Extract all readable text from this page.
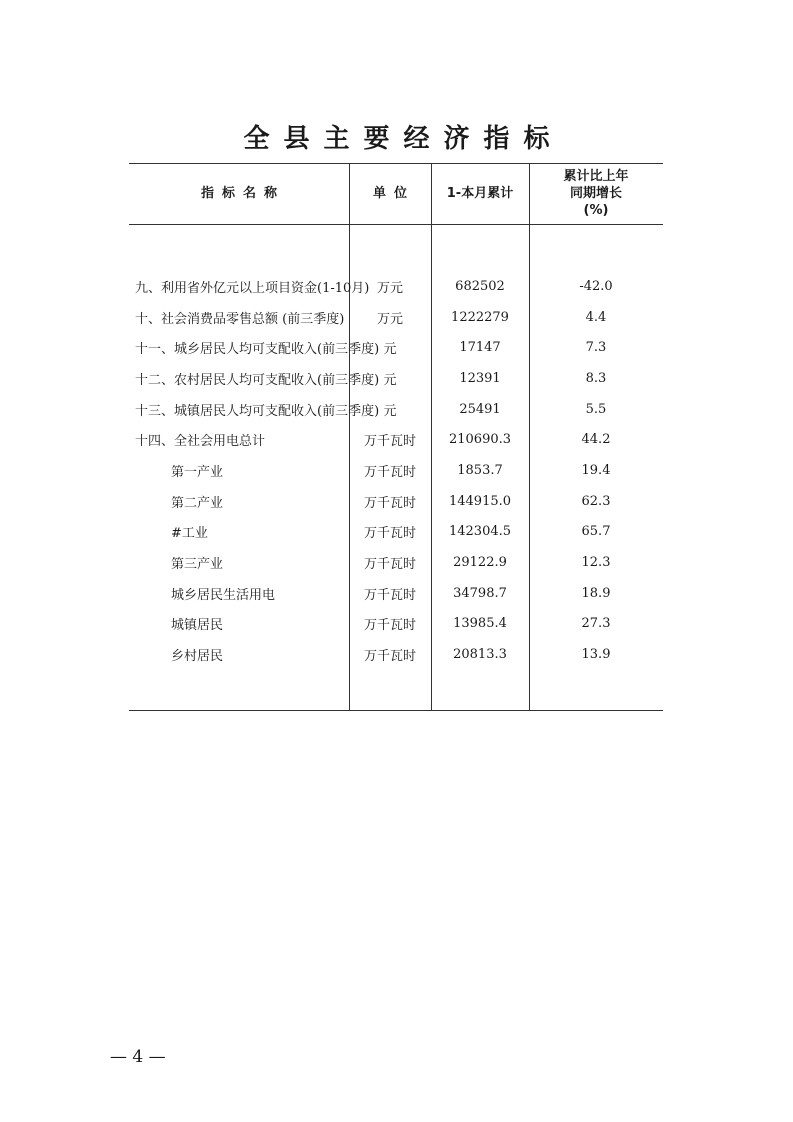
全县主要经济指标
指标名称	单位	1-本月累计
累计比上年
同期增长
(%)
九、利用省外亿元以上项目资金(1-10月) 万元	682502	-42.0
十、社会消费品零售总额 (前三季度)	万元	1222279	4.4
十一、城乡居民人均可支配收入(前三季度) 元	17147	7.3
十二、农村居民人均可支配收入(前三季度) 元	12391	8.3
十三、城镇居民人均可支配收入(前三季度) 元	25491	5.5
十四、全社会用电总计	万千瓦时	210690.3	44.2
第一产业	万千瓦时	1853.7	19.4
第二产业	万千瓦时	144915.0	62.3
#工业	万千瓦时	142304.5	65.7
第三产业	万千瓦时	29122.9	12.3
城乡居民生活用电	万千瓦时	34798.7	18.9
城镇居民	万千瓦时	13985.4	27.3
乡村居民	万千瓦时	20813.3	13.9
— 4 —
